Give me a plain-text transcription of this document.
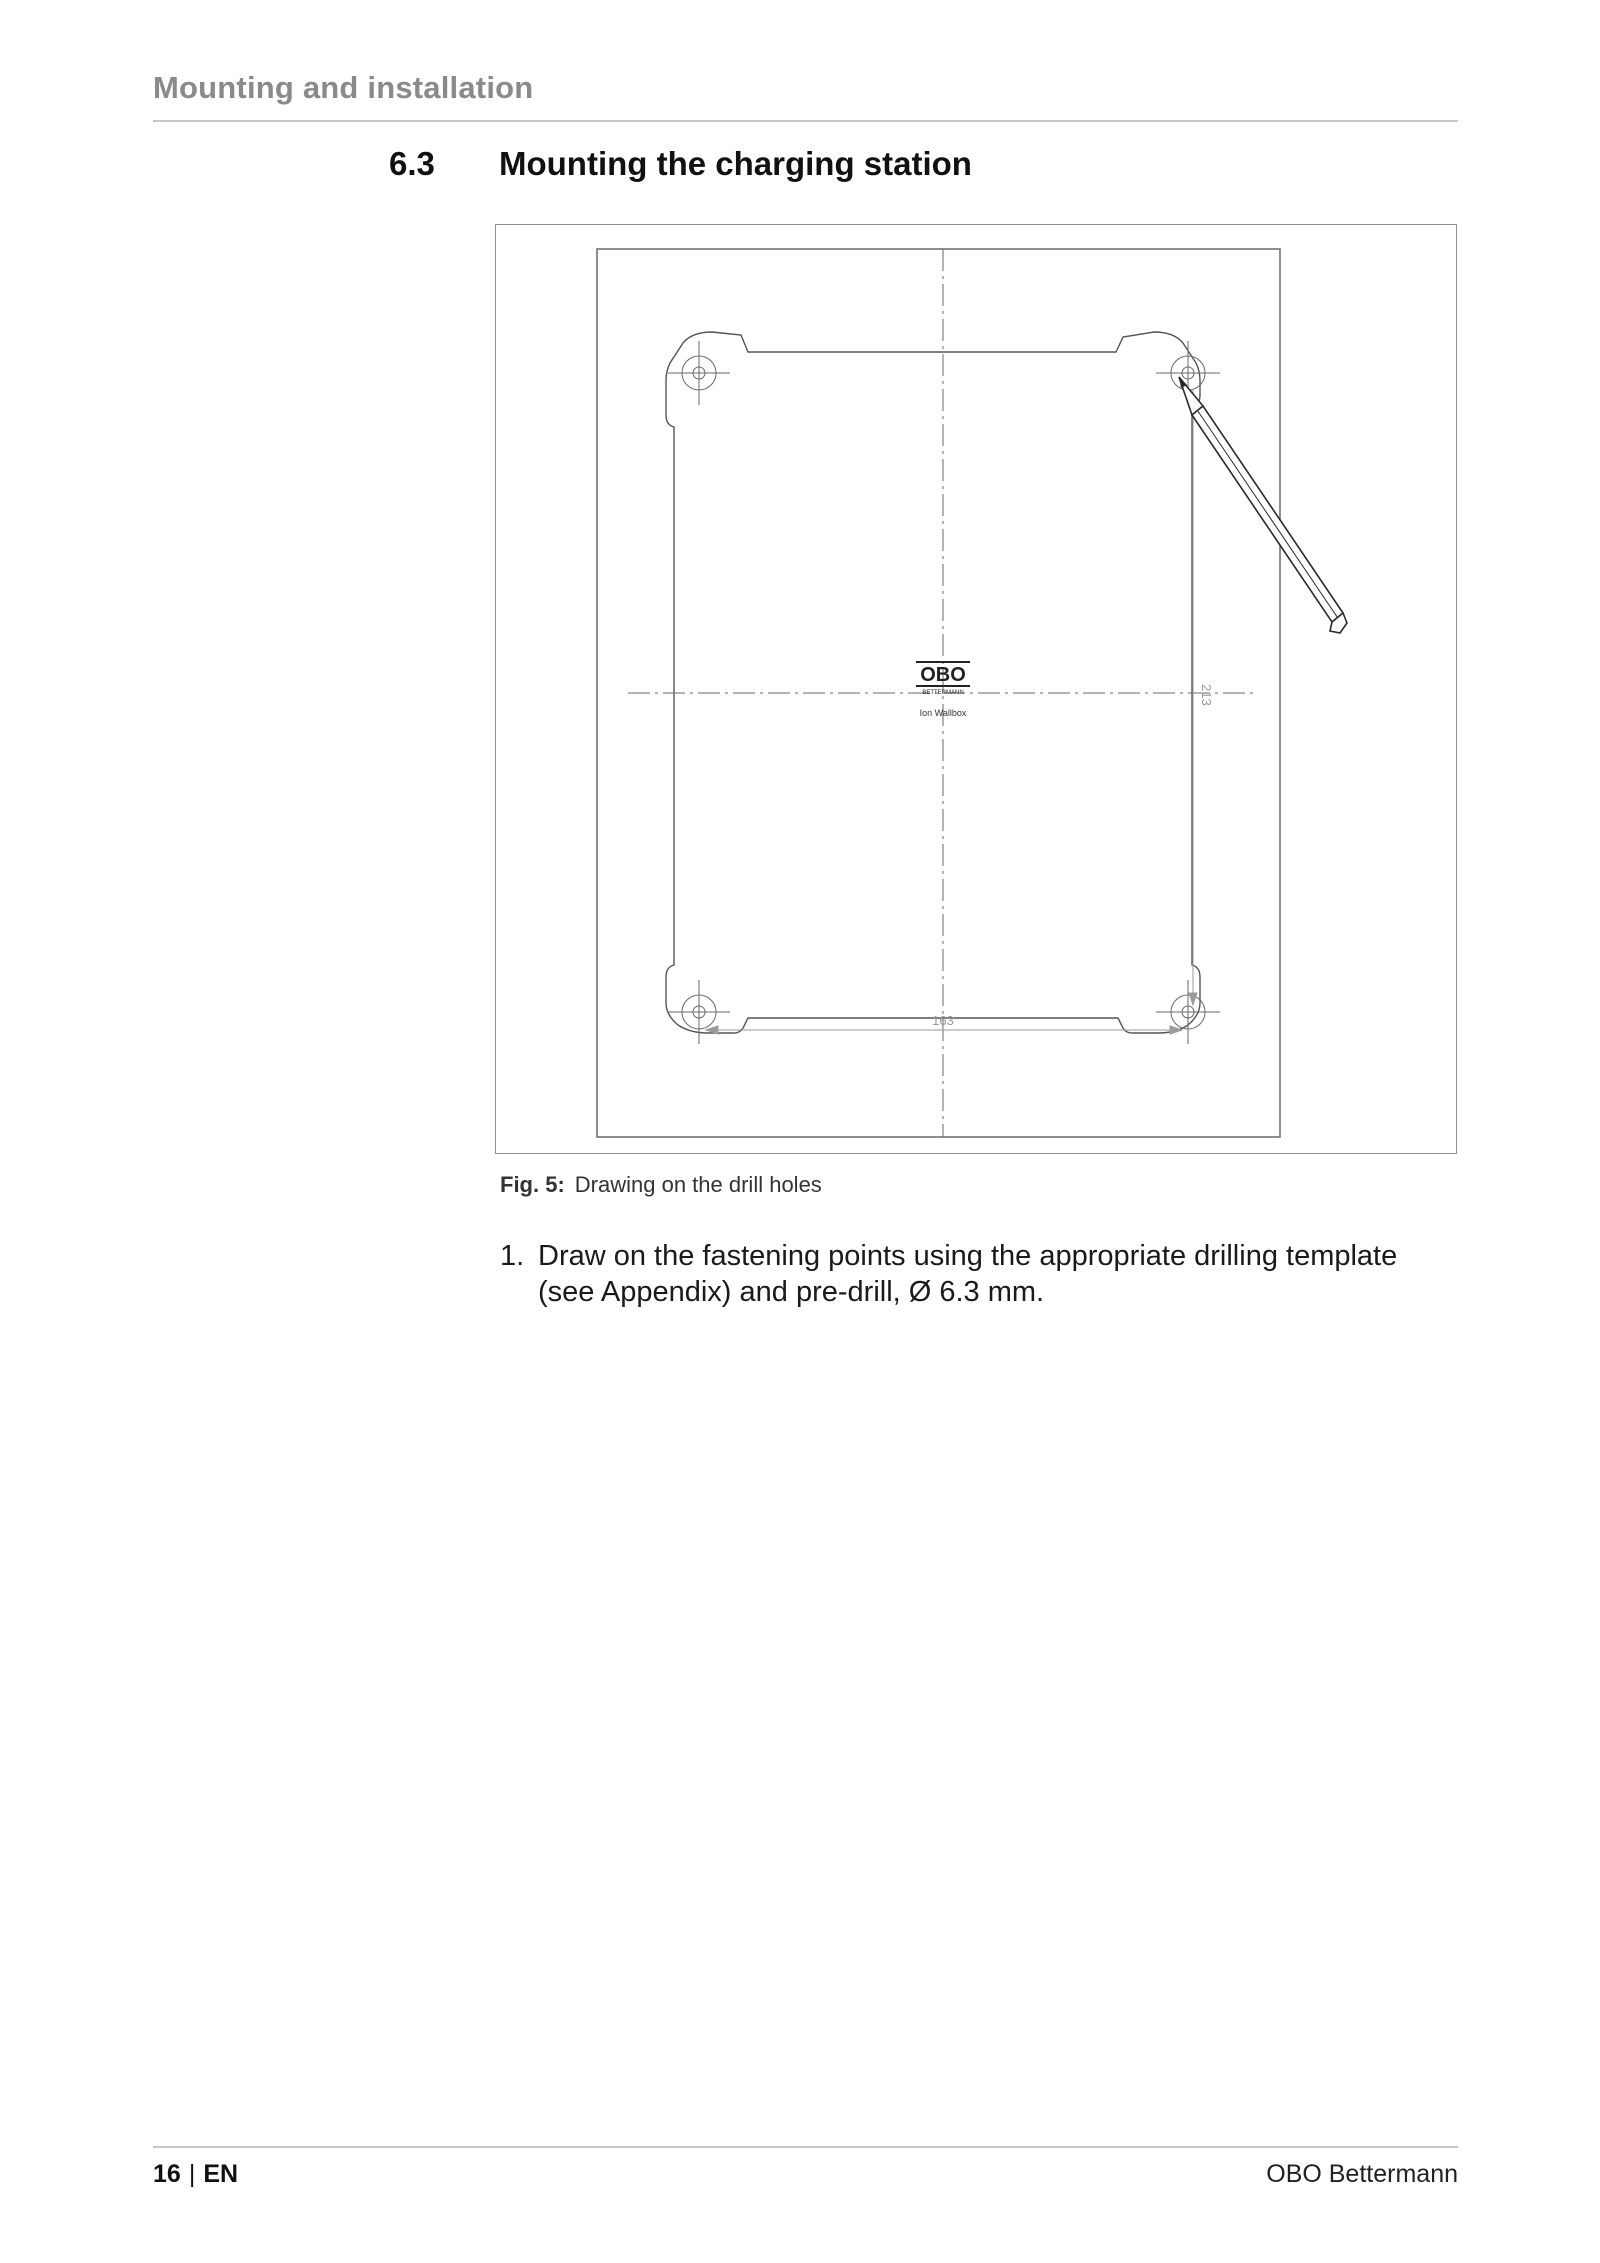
Mounting and installation
6.3 Mounting the charging station
163
213
OBO
BETTERMANN
Ion Wallbox
Fig. 5: Drawing on the drill holes
1. Draw on the fastening points using the appropriate drilling template (see Appendix) and pre-drill, Ø 6.3 mm.
16 | EN	OBO Bettermann
